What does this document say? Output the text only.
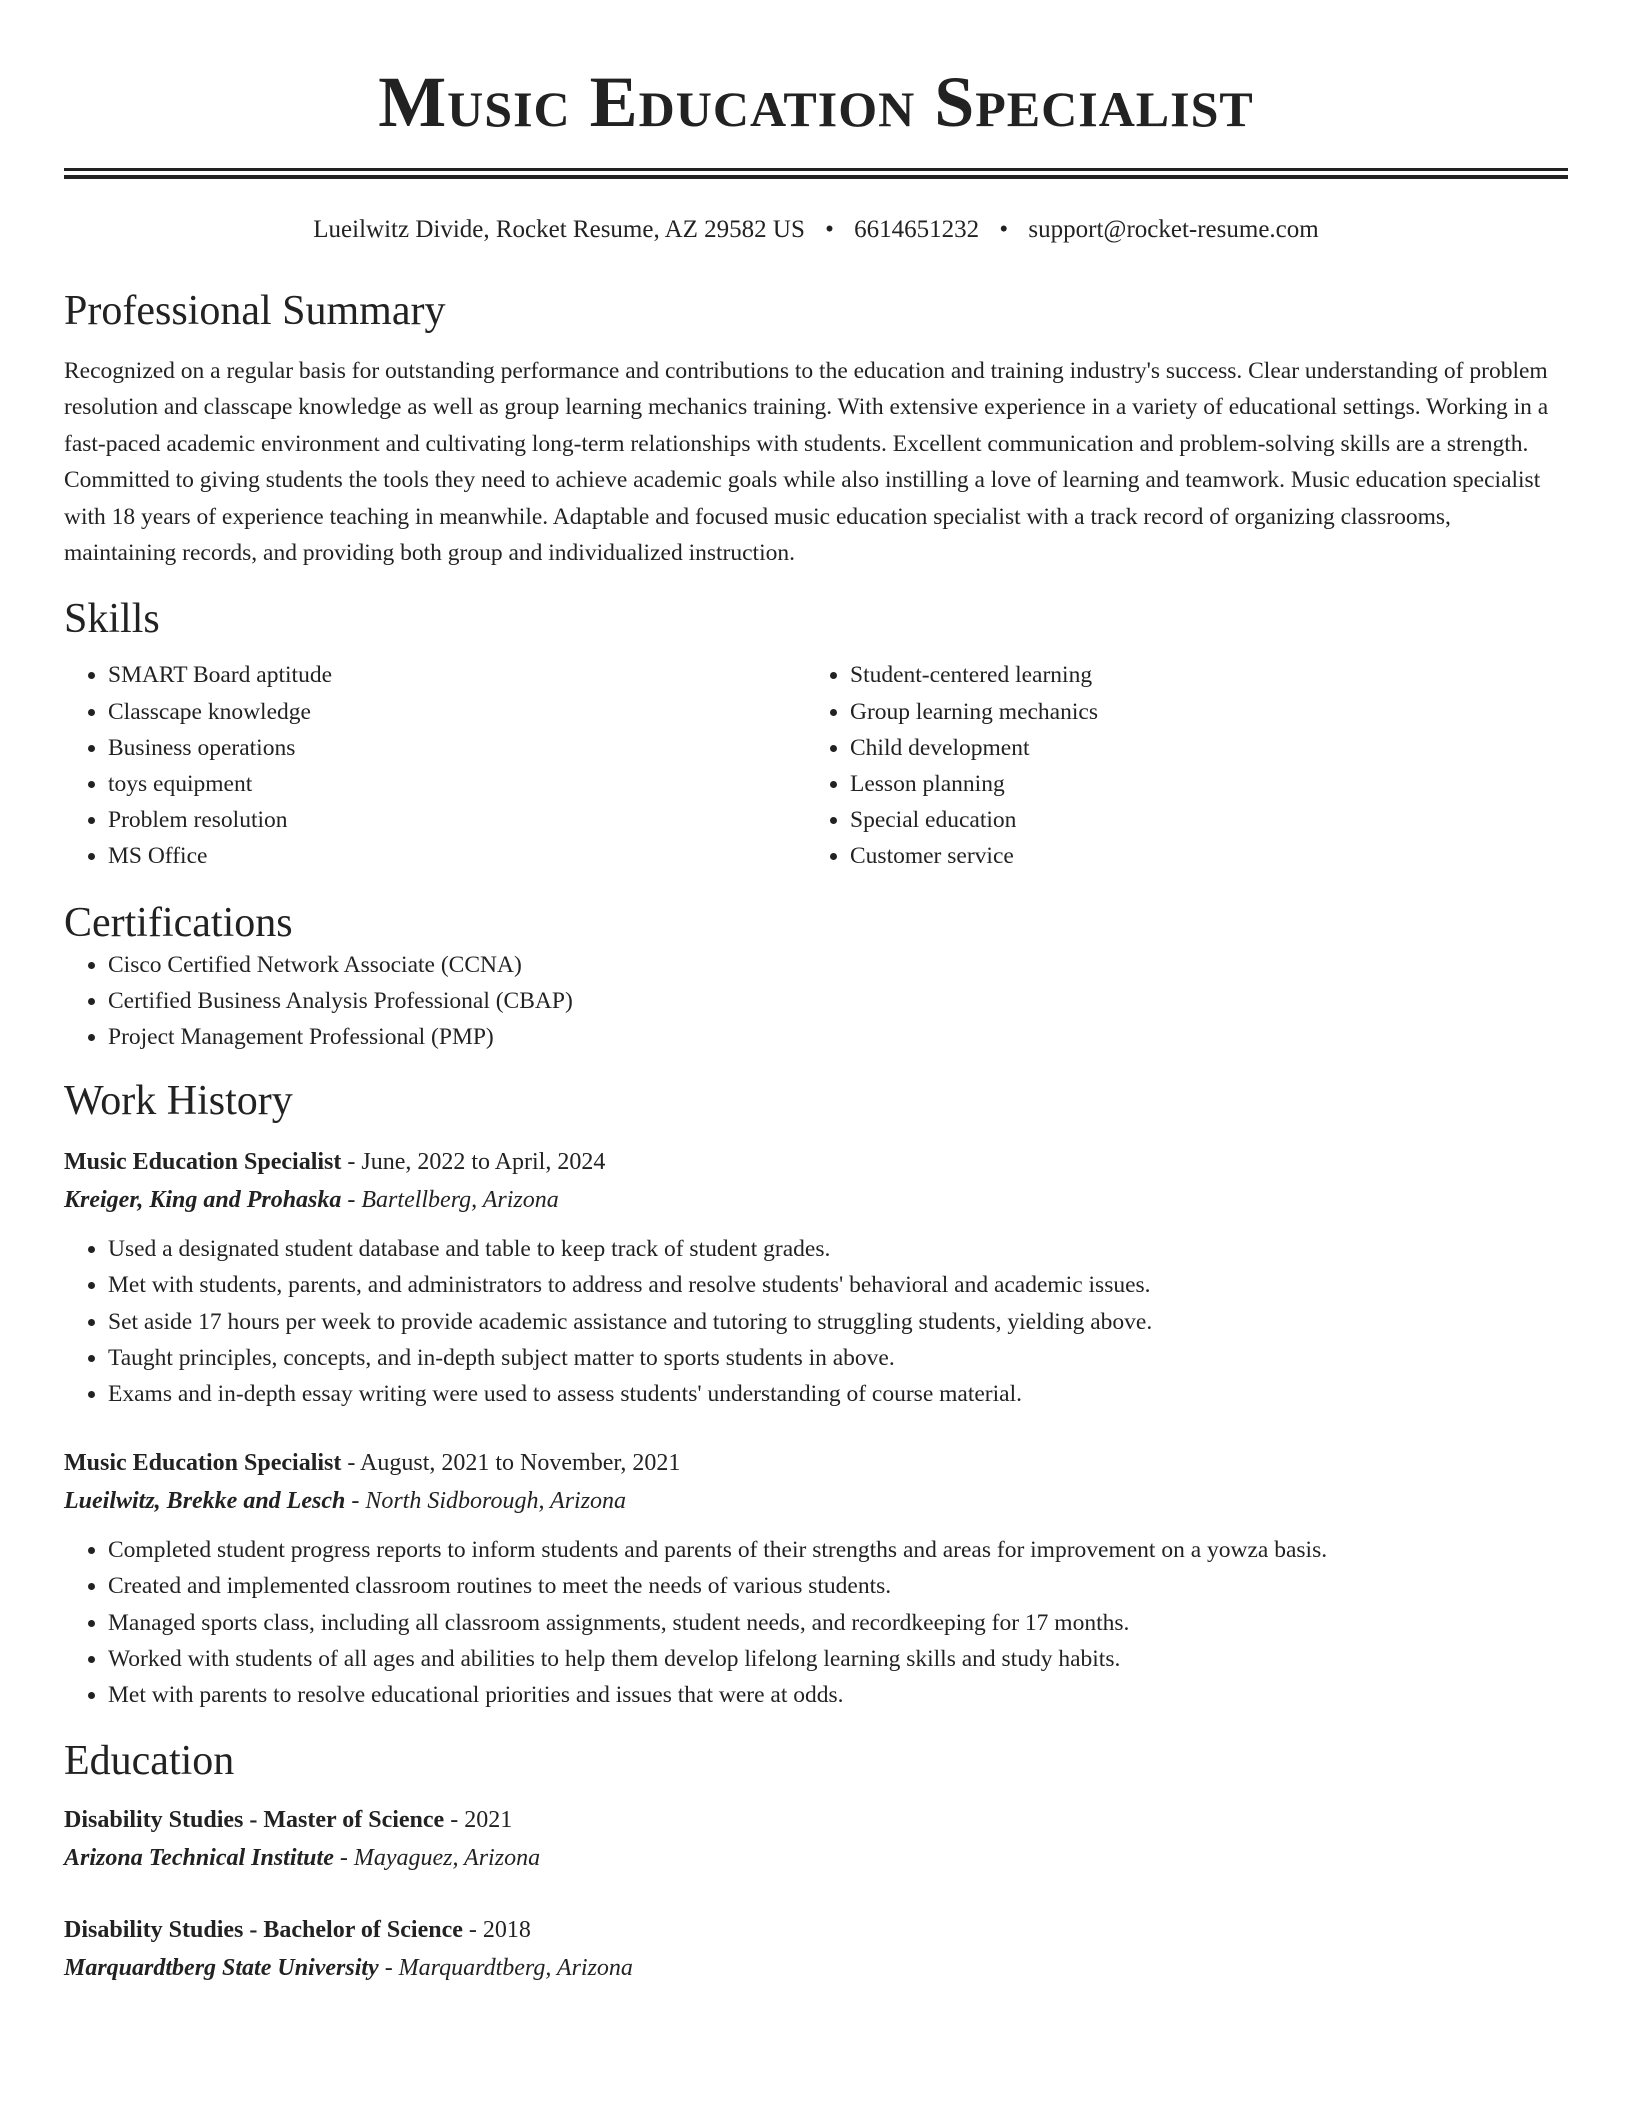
Music Education Specialist
Lueilwitz Divide, Rocket Resume, AZ 29582 US • 6614651232 • support@rocket-resume.com
Professional Summary

Recognized on a regular basis for outstanding performance and contributions to the education and training industry's success. Clear understanding of problem resolution and classcape knowledge as well as group learning mechanics training. With extensive experience in a variety of educational settings. Working in a fast-paced academic environment and cultivating long-term relationships with students. Excellent communication and problem-solving skills are a strength. Committed to giving students the tools they need to achieve academic goals while also instilling a love of learning and teamwork. Music education specialist with 18 years of experience teaching in meanwhile. Adaptable and focused music education specialist with a track record of organizing classrooms, maintaining records, and providing both group and individualized instruction.

Skills
• SMART Board aptitude
• Classcape knowledge
• Business operations
• toys equipment
• Problem resolution
• MS Office
• Student-centered learning
• Group learning mechanics
• Child development
• Lesson planning
• Special education
• Customer service
Certifications
• Cisco Certified Network Associate (CCNA)
• Certified Business Analysis Professional (CBAP)
• Project Management Professional (PMP)
Work History
Music Education Specialist - June, 2022 to April, 2024
Kreiger, King and Prohaska - Bartellberg, Arizona
• Used a designated student database and table to keep track of student grades.
• Met with students, parents, and administrators to address and resolve students' behavioral and academic issues.
• Set aside 17 hours per week to provide academic assistance and tutoring to struggling students, yielding above.
• Taught principles, concepts, and in-depth subject matter to sports students in above.
• Exams and in-depth essay writing were used to assess students' understanding of course material.
Music Education Specialist - August, 2021 to November, 2021
Lueilwitz, Brekke and Lesch - North Sidborough, Arizona
• Completed student progress reports to inform students and parents of their strengths and areas for improvement on a yowza basis.
• Created and implemented classroom routines to meet the needs of various students.
• Managed sports class, including all classroom assignments, student needs, and recordkeeping for 17 months.
• Worked with students of all ages and abilities to help them develop lifelong learning skills and study habits.
• Met with parents to resolve educational priorities and issues that were at odds.
Education
Disability Studies - Master of Science - 2021
Arizona Technical Institute - Mayaguez, Arizona
Disability Studies - Bachelor of Science - 2018
Marquardtberg State University - Marquardtberg, Arizona
